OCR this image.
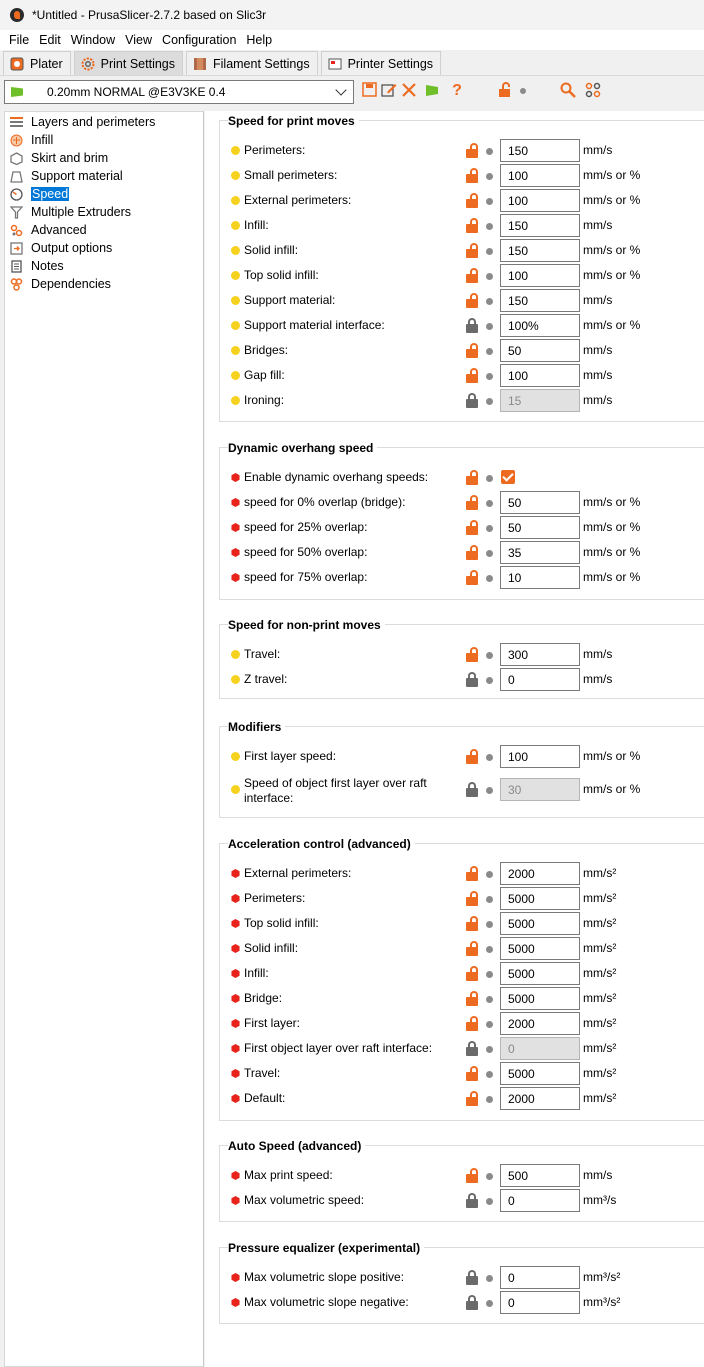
*Untitled - PrusaSlicer-2.7.2 based on Slic3r
File Edit Window View Configuration Help
Plater	Print Settings	Filament Settings	Printer Settings
0.20mm NORMAL @E3V3KE 0.4	?
Layers and perimeters
Infill
Skirt and brim
Support material
Speed
Multiple Extruders
Advanced
Output options
Notes
Dependencies
Speed for print moves
Perimeters:	150	mm/s
Small perimeters:	100	mm/s or %
External perimeters:	100	mm/s or %
Infill:	150	mm/s
Solid infill:	150	mm/s or %
Top solid infill:	100	mm/s or %
Support material:	150	mm/s
Support material interface:	100%	mm/s or %
Bridges:	50	mm/s
Gap fill:	100	mm/s
Ironing:	15	mm/s
Dynamic overhang speed
Enable dynamic overhang speeds:
speed for 0% overlap (bridge):	50	mm/s or %
speed for 25% overlap:	50	mm/s or %
speed for 50% overlap:	35	mm/s or %
speed for 75% overlap:	10	mm/s or %
Speed for non-print moves
Travel:	300	mm/s
Z travel:	0	mm/s
Modifiers
First layer speed:	100	mm/s or %
Speed of object first layer over raft interface:
30	mm/s or %
Acceleration control (advanced)
External perimeters:	2000	mm/s²
Perimeters:	5000	mm/s²
Top solid infill:	5000	mm/s²
Solid infill:	5000	mm/s²
Infill:	5000	mm/s²
Bridge:	5000	mm/s²
First layer:	2000	mm/s²
First object layer over raft interface:	0	mm/s²
Travel:	5000	mm/s²
Default:	2000	mm/s²
Auto Speed (advanced)
Max print speed:	500	mm/s
Max volumetric speed:	0	mm³/s
Pressure equalizer (experimental)
Max volumetric slope positive:	0	mm³/s²
Max volumetric slope negative:	0	mm³/s²
